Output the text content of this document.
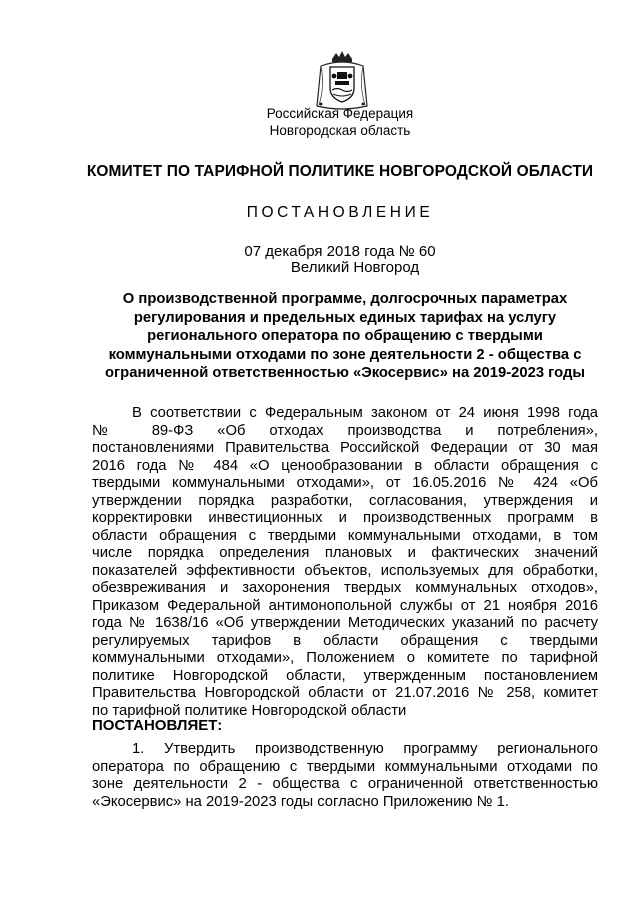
Российская Федерация
Новгородская область
КОМИТЕТ ПО ТАРИФНОЙ ПОЛИТИКЕ НОВГОРОДСКОЙ ОБЛАСТИ
ПОСТАНОВЛЕНИЕ
07 декабря 2018 года № 60
Великий Новгород
О производственной программе, долгосрочных параметрах
регулирования и предельных единых тарифах на услугу
регионального оператора по обращению с твердыми
коммунальными отходами по зоне деятельности 2 - общества с
ограниченной ответственностью «Экосервис» на 2019-2023 годы
В соответствии с Федеральным законом от 24 июня 1998 года
№ 89-ФЗ «Об отходах производства и потребления»,
постановлениями Правительства Российской Федерации от 30 мая
2016 года № 484 «О ценообразовании в области обращения с
твердыми коммунальными отходами», от 16.05.2016 № 424 «Об
утверждении порядка разработки, согласования, утверждения и
корректировки инвестиционных и производственных программ в
области обращения с твердыми коммунальными отходами, в том
числе порядка определения плановых и фактических значений
показателей эффективности объектов, используемых для обработки,
обезвреживания и захоронения твердых коммунальных отходов»,
Приказом Федеральной антимонопольной службы от 21 ноября 2016
года № 1638/16 «Об утверждении Методических указаний по расчету
регулируемых тарифов в области обращения с твердыми
коммунальными отходами», Положением о комитете по тарифной
политике Новгородской области, утвержденным постановлением
Правительства Новгородской области от 21.07.2016 № 258, комитет
по тарифной политике Новгородской области
ПОСТАНОВЛЯЕТ:
1. Утвердить производственную программу регионального
оператора по обращению с твердыми коммунальными отходами по
зоне деятельности 2 - общества с ограниченной ответственностью
«Экосервис» на 2019-2023 годы согласно Приложению № 1.
